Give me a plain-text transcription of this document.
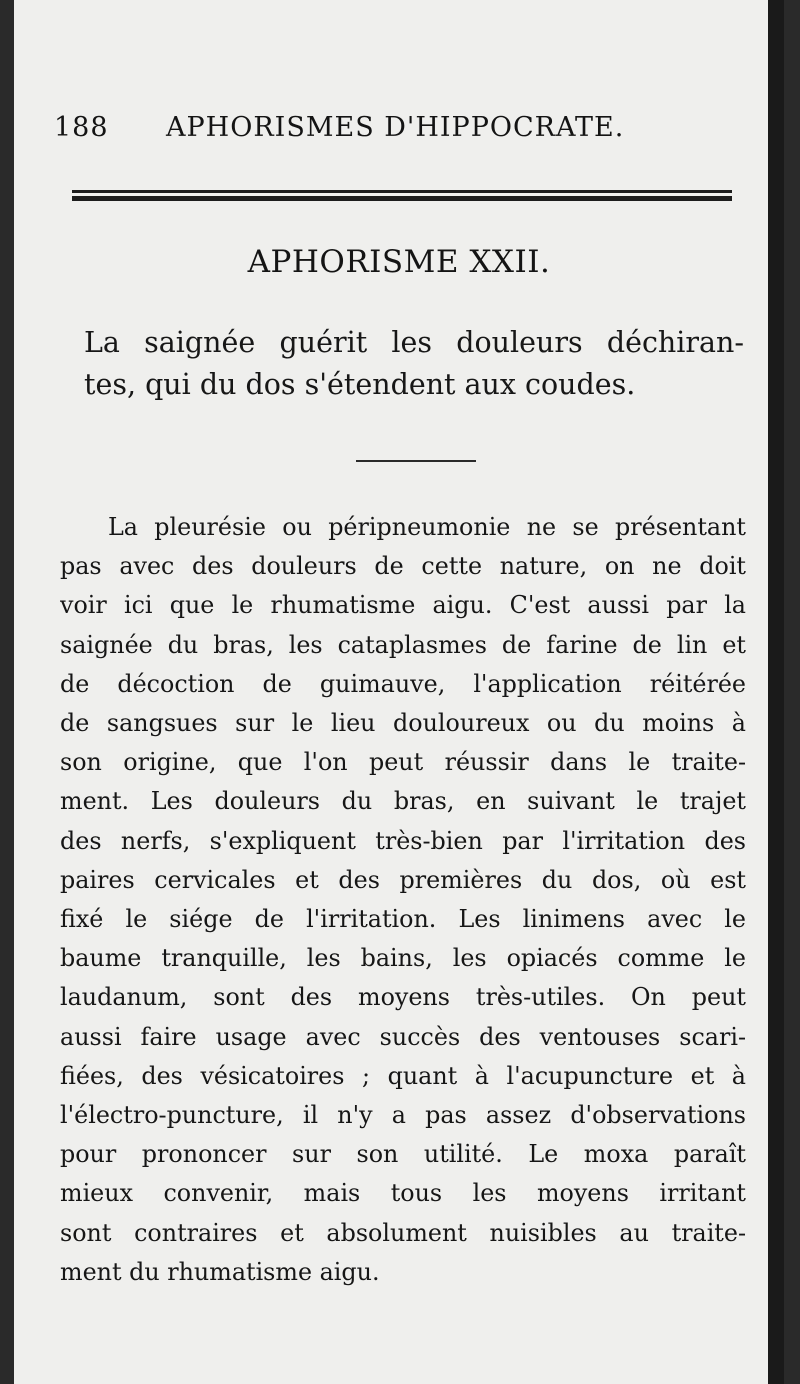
188 APHORISMES D'HIPPOCRATE.
APHORISME XXII.
La saignée guérit les douleurs déchiran-
tes, qui du dos s'étendent aux coudes.
La pleurésie ou péripneumonie ne se présentant
pas avec des douleurs de cette nature, on ne doit
voir ici que le rhumatisme aigu. C'est aussi par la
saignée du bras, les cataplasmes de farine de lin et
de décoction de guimauve, l'application réitérée
de sangsues sur le lieu douloureux ou du moins à
son origine, que l'on peut réussir dans le traite-
ment. Les douleurs du bras, en suivant le trajet
des nerfs, s'expliquent très-bien par l'irritation des
paires cervicales et des premières du dos, où est
fixé le siége de l'irritation. Les linimens avec le
baume tranquille, les bains, les opiacés comme le
laudanum, sont des moyens très-utiles. On peut
aussi faire usage avec succès des ventouses scari-
fiées, des vésicatoires ; quant à l'acupuncture et à
l'électro-puncture, il n'y a pas assez d'observations
pour prononcer sur son utilité. Le moxa paraît
mieux convenir, mais tous les moyens irritant
sont contraires et absolument nuisibles au traite-
ment du rhumatisme aigu.
